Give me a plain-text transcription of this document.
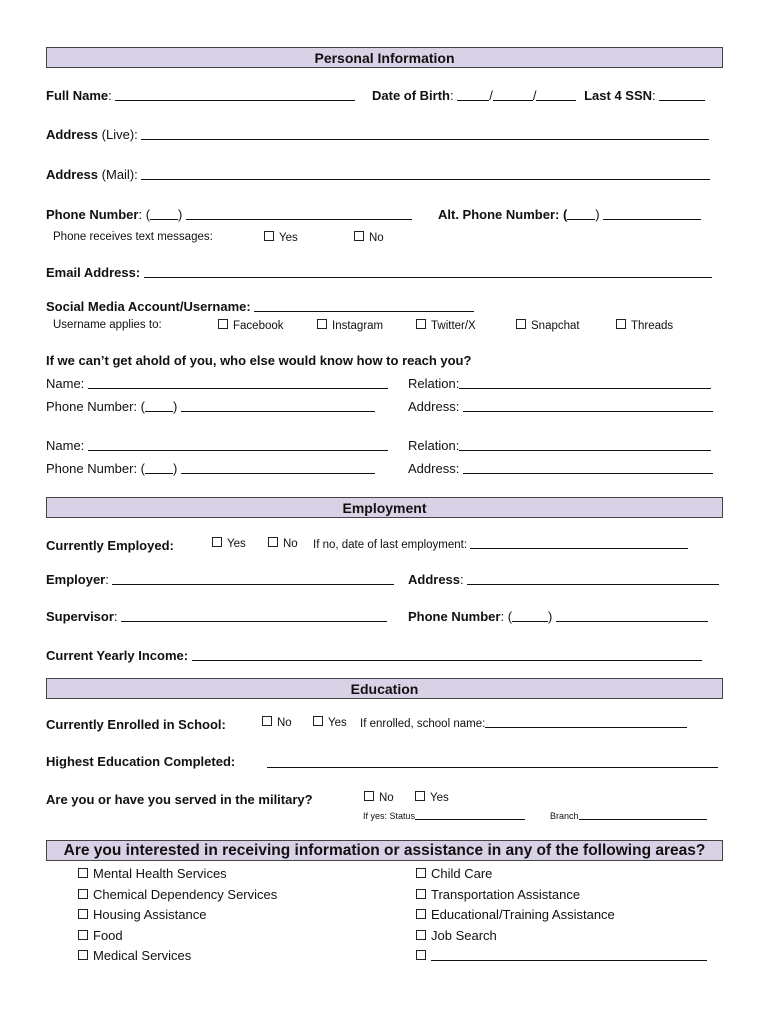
Personal Information
Full Name:	Date of Birth: /	/	Last 4 SSN:
Address (Live):
Address (Mail):
Phone Number: ( )	Alt. Phone Number: ( )
Phone receives text messages:	Yes	No
Email Address:
Social Media Account/Username:
Username applies to:	Facebook	Instagram	Twitter/X	Snapchat	Threads
If we can’t get ahold of you, who else would know how to reach you?
Name:	Relation:
Phone Number: ( )	Address:
Name:	Relation:
Phone Number: ( )	Address:
Employment
Currently Employed:	Yes	No If no, date of last employment:
Employer:	Address:
Supervisor:	Phone Number: (	)
Current Yearly Income:
Education
Currently Enrolled in School:	No	Yes If enrolled, school name:
Highest Education Completed:
Are you or have you served in the military?	No	Yes
If yes: Status	Branch
Are you interested in receiving information or assistance in any of the following areas?
Mental Health Services
Chemical Dependency Services
Housing Assistance
Food
Medical Services
Child Care
Transportation Assistance
Educational/Training Assistance
Job Search
